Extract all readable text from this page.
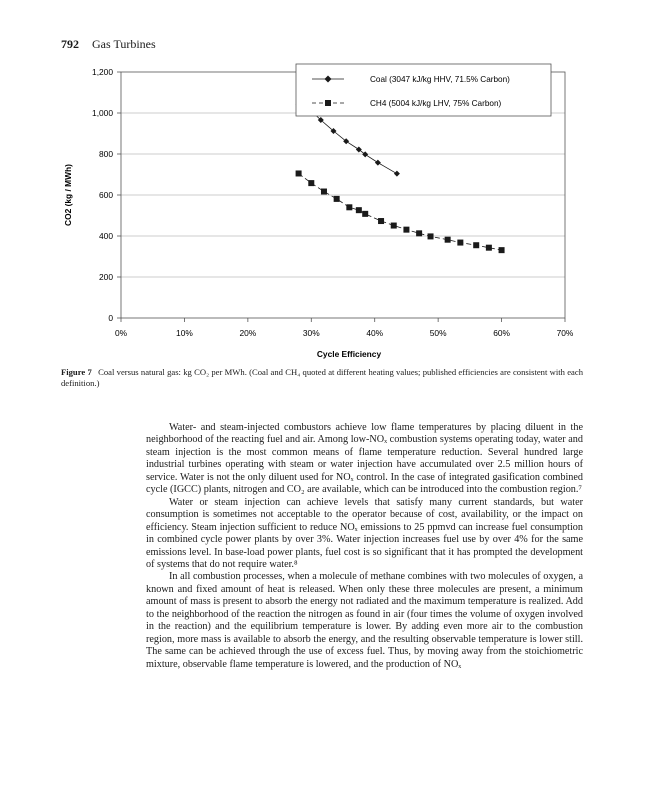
792 Gas Turbines
0
200
400
600
800
1,000
1,200
0%	10%	20%	30%	40%	50%	60%	70%
Cycle Efficiency
CO2 (kg / MWh)
Coal (3047 kJ/kg HHV, 71.5% Carbon)
CH4 (5004 kJ/kg LHV, 75% Carbon)
Figure 7 Coal versus natural gas: kg CO₂ per MWh. (Coal and CH₄ quoted at different heating values; published efficiencies are consistent with each definition.)

Water- and steam-injected combustors achieve low flame temperatures by placing diluent in the neighborhood of the reacting fuel and air. Among low-NOₓ combustion systems operating today, water and steam injection is the most common means of flame temperature reduction. Several hundred large industrial turbines operating with steam or water injection have accumulated over 2.5 million hours of service. Water is not the only diluent used for NOₓ control. In the case of integrated gasification combined cycle (IGCC) plants, nitrogen and CO₂ are available, which can be introduced into the combustion region.⁷

Water or steam injection can achieve levels that satisfy many current standards, but water consumption is sometimes not acceptable to the operator because of cost, availability, or the impact on efficiency. Steam injection sufficient to reduce NOₓ emissions to 25 ppmvd can increase fuel consumption in combined cycle power plants by over 3%. Water injection increases fuel use by over 4% for the same emissions level. In base-load power plants, fuel cost is so significant that it has prompted the development of systems that do not require water.⁸

In all combustion processes, when a molecule of methane combines with two molecules of oxygen, a known and fixed amount of heat is released. When only these three molecules are present, a minimum amount of mass is present to absorb the energy not radiated and the maximum temperature is realized. Add to the neighborhood of the reaction the nitrogen as found in air (four times the volume of oxygen involved in the reaction) and the equilibrium temperature is lower. By adding even more air to the combustion region, more mass is available to absorb the energy, and the resulting observable temperature is lower still. The same can be achieved through the use of excess fuel. Thus, by moving away from the stoichiometric mixture, observable flame temperature is lowered, and the production of NOₓ
